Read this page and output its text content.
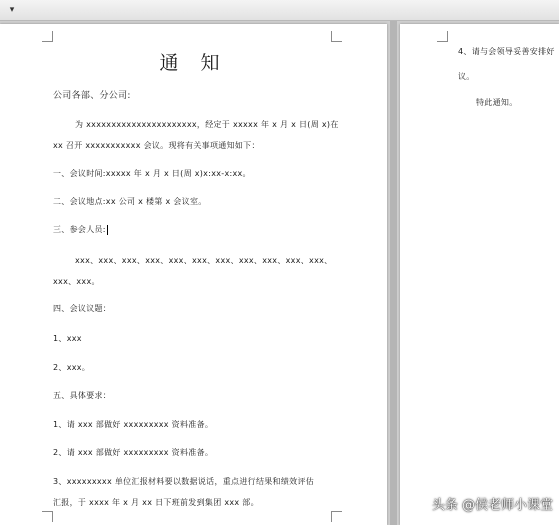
▾
通 知
公司各部、分公司:
为 xxxxxxxxxxxxxxxxxxxxxx，经定于 xxxxx 年 x 月 x 日(周 x)在
xx 召开 xxxxxxxxxxx 会议。现将有关事项通知如下：
一、会议时间:xxxxx 年 x 月 x 日(周 x)x:xx-x:xx。
二、会议地点:xx 公司 x 楼第 x 会议室。
三、参会人员:
xxx、xxx、xxx、xxx、xxx、xxx、xxx、xxx、xxx、xxx、xxx、
xxx、xxx。
四、会议议题：
1、xxx
2、xxx。
五、具体要求：
1、请 xxx 部做好 xxxxxxxxx 资料准备。
2、请 xxx 部做好 xxxxxxxxx 资料准备。
3、xxxxxxxxx 单位汇报材料要以数据说话，重点进行结果和绩效评估
汇报，于 xxxx 年 x 月 xx 日下班前发到集团 xxx 部。
4、请与会领导妥善安排好
议。
特此通知。
头条 @侯老师小课堂
